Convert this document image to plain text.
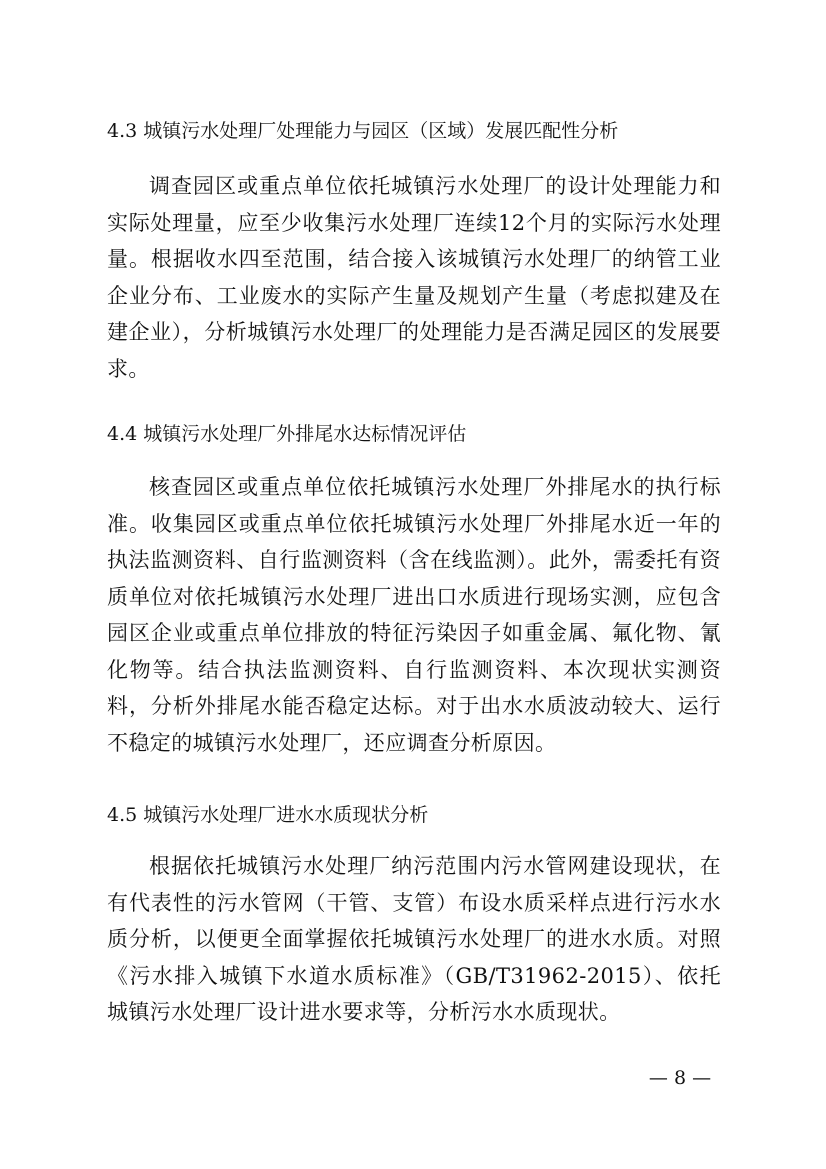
4.3 城镇污水处理厂处理能力与园区（区域）发展匹配性分析
调查园区或重点单位依托城镇污水处理厂的设计处理能力和实际处理量，应至少收集污水处理厂连续12个月的实际污水处理量。根据收水四至范围，结合接入该城镇污水处理厂的纳管工业企业分布、工业废水的实际产生量及规划产生量（考虑拟建及在建企业），分析城镇污水处理厂的处理能力是否满足园区的发展要求。
4.4 城镇污水处理厂外排尾水达标情况评估
核查园区或重点单位依托城镇污水处理厂外排尾水的执行标准。收集园区或重点单位依托城镇污水处理厂外排尾水近一年的执法监测资料、自行监测资料（含在线监测）。此外，需委托有资质单位对依托城镇污水处理厂进出口水质进行现场实测，应包含园区企业或重点单位排放的特征污染因子如重金属、氟化物、氰化物等。结合执法监测资料、自行监测资料、本次现状实测资料，分析外排尾水能否稳定达标。对于出水水质波动较大、运行不稳定的城镇污水处理厂，还应调查分析原因。
4.5 城镇污水处理厂进水水质现状分析
根据依托城镇污水处理厂纳污范围内污水管网建设现状，在有代表性的污水管网（干管、支管）布设水质采样点进行污水水质分析，以便更全面掌握依托城镇污水处理厂的进水水质。对照《污水排入城镇下水道水质标准》（GB/T31962-2015）、依托城镇污水处理厂设计进水要求等，分析污水水质现状。
— 8 —
